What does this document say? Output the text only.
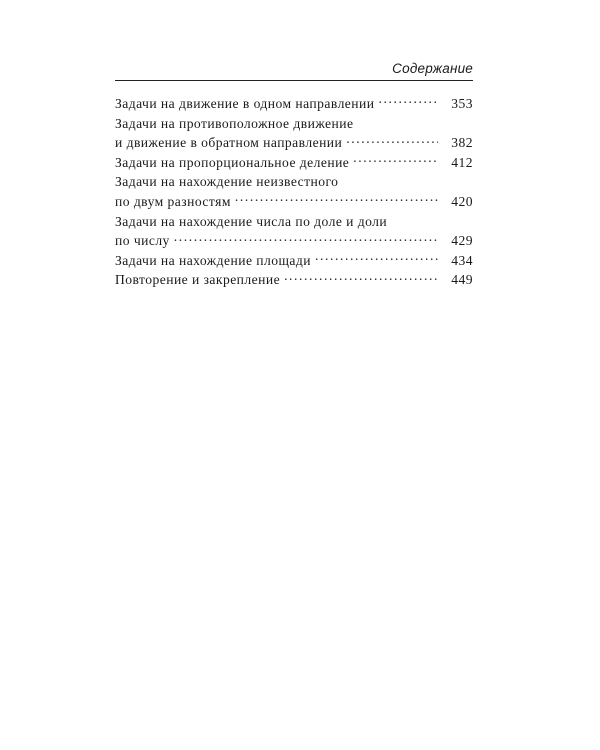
Содержание
Задачи на движение в одном направлении .....	353
Задачи на противоположное движение
и движение в обратном направлении .....	382
Задачи на пропорциональное деление .....	412
Задачи на нахождение неизвестного
по двум разностям .....	420
Задачи на нахождение числа по доле и доли
по числу .....	429
Задачи на нахождение площади .....	434
Повторение и закрепление .....	449
